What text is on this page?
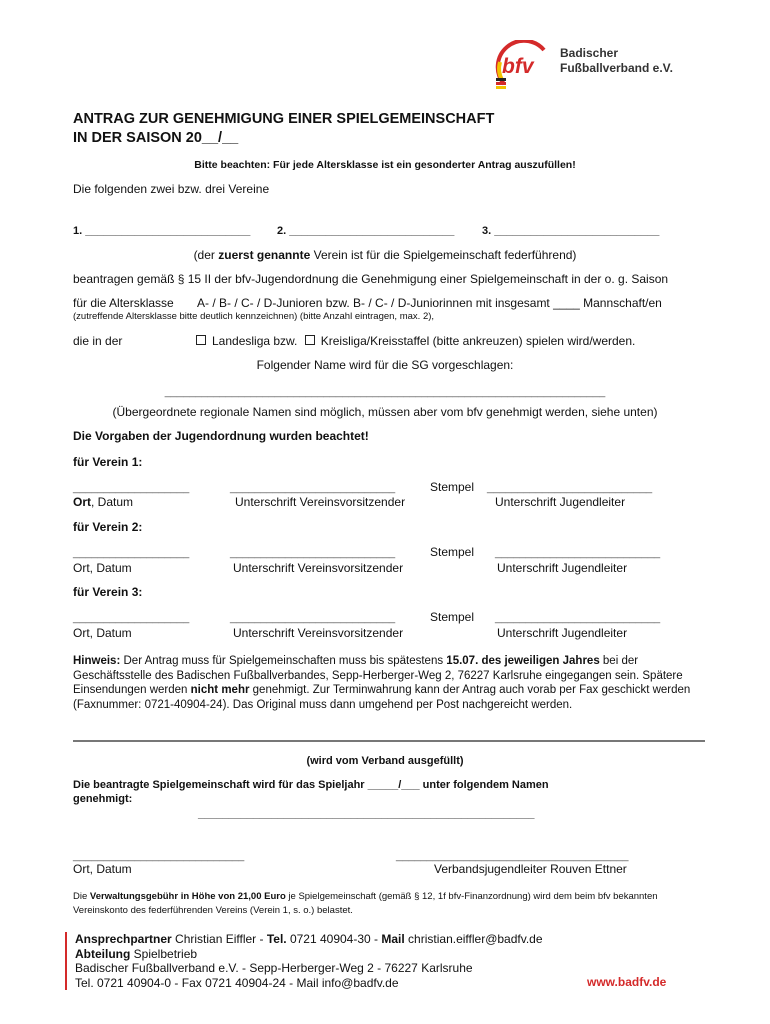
bfv
Badischer
Fußballverband e.V.
ANTRAG ZUR GENEHMIGUNG EINER SPIELGEMEINSCHAFT
IN DER SAISON 20__/__
Bitte beachten: Für jede Altersklasse ist ein gesonderter Antrag auszufüllen!
Die folgenden zwei bzw. drei Vereine
1. ___________________________ 2. ___________________________	3. ___________________________
(der zuerst genannte Verein ist für die Spielgemeinschaft federführend)
beantragen gemäß § 15 II der bfv-Jugendordnung die Genehmigung einer Spielgemeinschaft in der o. g. Saison
für die Altersklasse A- / B- / C- / D-Junioren bzw. B- / C- / D-Juniorinnen mit insgesamt ____ Mannschaft/en
(zutreffende Altersklasse bitte deutlich kennzeichnen) (bitte Anzahl eintragen, max. 2),
die in der	Landesliga bzw. Kreisliga/Kreisstaffel (bitte ankreuzen) spielen wird/werden.
Folgender Name wird für die SG vorgeschlagen:
________________________________________________________________________
(Übergeordnete regionale Namen sind möglich, müssen aber vom bfv genehmigt werden, siehe unten)
Die Vorgaben der Jugendordnung wurden beachtet!
für Verein 1:
___________________	___________________________	Stempel ___________________________
Ort, Datum	Unterschrift Vereinsvorsitzender	Unterschrift Jugendleiter
für Verein 2:
___________________	___________________________	Stempel ___________________________
Ort, Datum	Unterschrift Vereinsvorsitzender	Unterschrift Jugendleiter
für Verein 3:
___________________	___________________________	Stempel ___________________________
Ort, Datum	Unterschrift Vereinsvorsitzender	Unterschrift Jugendleiter
Hinweis: Der Antrag muss für Spielgemeinschaften muss bis spätestens 15.07. des jeweiligen Jahres bei der Geschäftsstelle des Badischen Fußballverbandes, Sepp-Herberger-Weg 2, 76227 Karlsruhe eingegangen sein. Spätere Einsendungen werden nicht mehr genehmigt. Zur Terminwahrung kann der Antrag auch vorab per Fax geschickt werden (Faxnummer: 0721-40904-24). Das Original muss dann umgehend per Post nachgereicht werden.
(wird vom Verband ausgefüllt)
Die beantragte Spielgemeinschaft wird für das Spieljahr _____/___ unter folgendem Namen
genehmigt:
_______________________________________________________
____________________________	______________________________________
Ort, Datum	Verbandsjugendleiter Rouven Ettner
Die Verwaltungsgebühr in Höhe von 21,00 Euro je Spielgemeinschaft (gemäß § 12, 1f bfv-Finanzordnung) wird dem beim bfv bekannten Vereinskonto des federführenden Vereins (Verein 1, s. o.) belastet.
Ansprechpartner Christian Eiffler - Tel. 0721 40904-30 - Mail christian.eiffler@badfv.de
Abteilung Spielbetrieb
Badischer Fußballverband e.V. - Sepp-Herberger-Weg 2 - 76227 Karlsruhe
Tel. 0721 40904-0 - Fax 0721 40904-24 - Mail info@badfv.de	www.badfv.de
